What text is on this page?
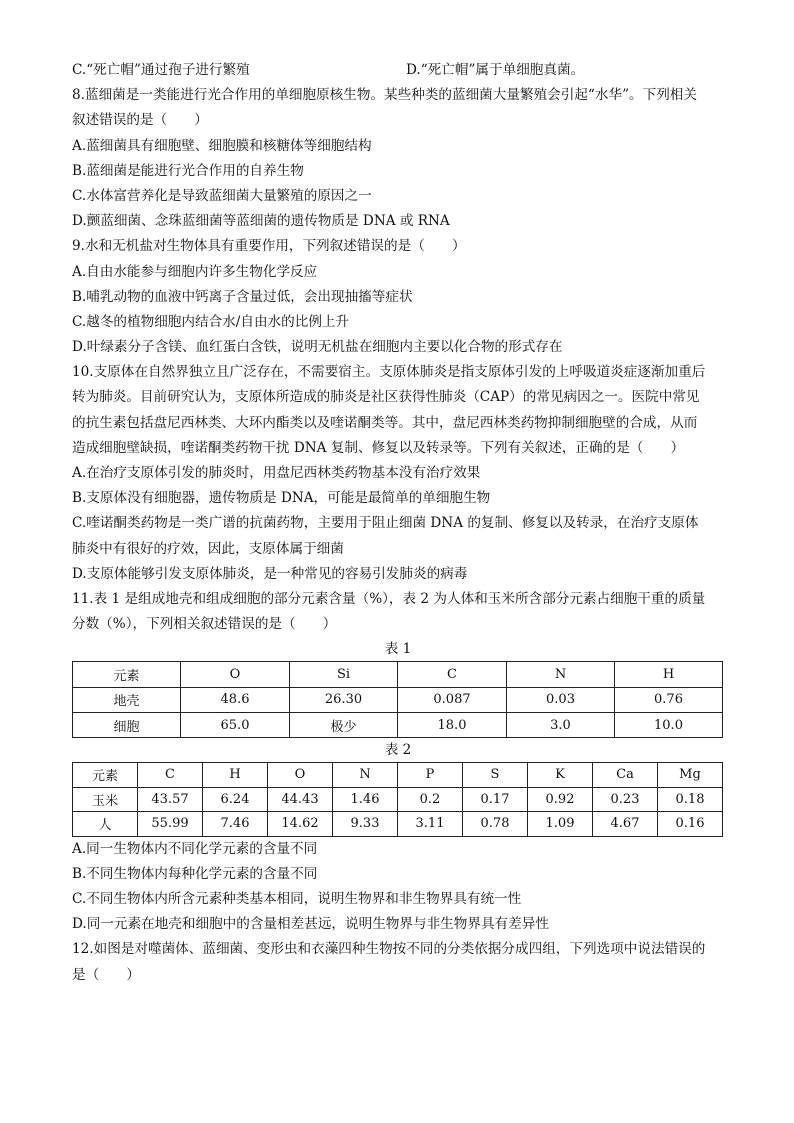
C.“死亡帽”通过孢子进行繁殖	D.“死亡帽”属于单细胞真菌。
8.蓝细菌是一类能进行光合作用的单细胞原核生物。某些种类的蓝细菌大量繁殖会引起“水华”。下列相关
叙述错误的是（　　）
A.蓝细菌具有细胞壁、细胞膜和核糖体等细胞结构
B.蓝细菌是能进行光合作用的自养生物
C.水体富营养化是导致蓝细菌大量繁殖的原因之一
D.颤蓝细菌、念珠蓝细菌等蓝细菌的遗传物质是 DNA 或 RNA
9.水和无机盐对生物体具有重要作用，下列叙述错误的是（　　）
A.自由水能参与细胞内许多生物化学反应
B.哺乳动物的血液中钙离子含量过低，会出现抽搐等症状
C.越冬的植物细胞内结合水/自由水的比例上升
D.叶绿素分子含镁、血红蛋白含铁，说明无机盐在细胞内主要以化合物的形式存在
10.支原体在自然界独立且广泛存在，不需要宿主。支原体肺炎是指支原体引发的上呼吸道炎症逐渐加重后
转为肺炎。目前研究认为，支原体所造成的肺炎是社区获得性肺炎（CAP）的常见病因之一。医院中常见
的抗生素包括盘尼西林类、大环内酯类以及喹诺酮类等。其中，盘尼西林类药物抑制细胞壁的合成，从而
造成细胞壁缺损，喹诺酮类药物干扰 DNA 复制、修复以及转录等。下列有关叙述，正确的是（　　）
A.在治疗支原体引发的肺炎时，用盘尼西林类药物基本没有治疗效果
B.支原体没有细胞器，遗传物质是 DNA，可能是最简单的单细胞生物
C.喹诺酮类药物是一类广谱的抗菌药物，主要用于阻止细菌 DNA 的复制、修复以及转录，在治疗支原体
肺炎中有很好的疗效，因此，支原体属于细菌
D.支原体能够引发支原体肺炎，是一种常见的容易引发肺炎的病毒
11.表 1 是组成地壳和组成细胞的部分元素含量（%），表 2 为人体和玉米所含部分元素占细胞干重的质量
分数（%），下列相关叙述错误的是（　　）
表 1
元素	O	Si	C	N	H
地壳	48.6	26.30	0.087	0.03	0.76
细胞	65.0	极少	18.0	3.0	10.0
表 2
元素	C	H	O	N	P	S	K	Ca	Mg
玉米	43.57	6.24	44.43	1.46	0.2	0.17	0.92	0.23	0.18
人	55.99	7.46	14.62	9.33	3.11	0.78	1.09	4.67	0.16
A.同一生物体内不同化学元素的含量不同
B.不同生物体内每种化学元素的含量不同
C.不同生物体内所含元素种类基本相同，说明生物界和非生物界具有统一性
D.同一元素在地壳和细胞中的含量相差甚远，说明生物界与非生物界具有差异性
12.如图是对噬菌体、蓝细菌、变形虫和衣藻四种生物按不同的分类依据分成四组，下列选项中说法错误的
是（　　）
